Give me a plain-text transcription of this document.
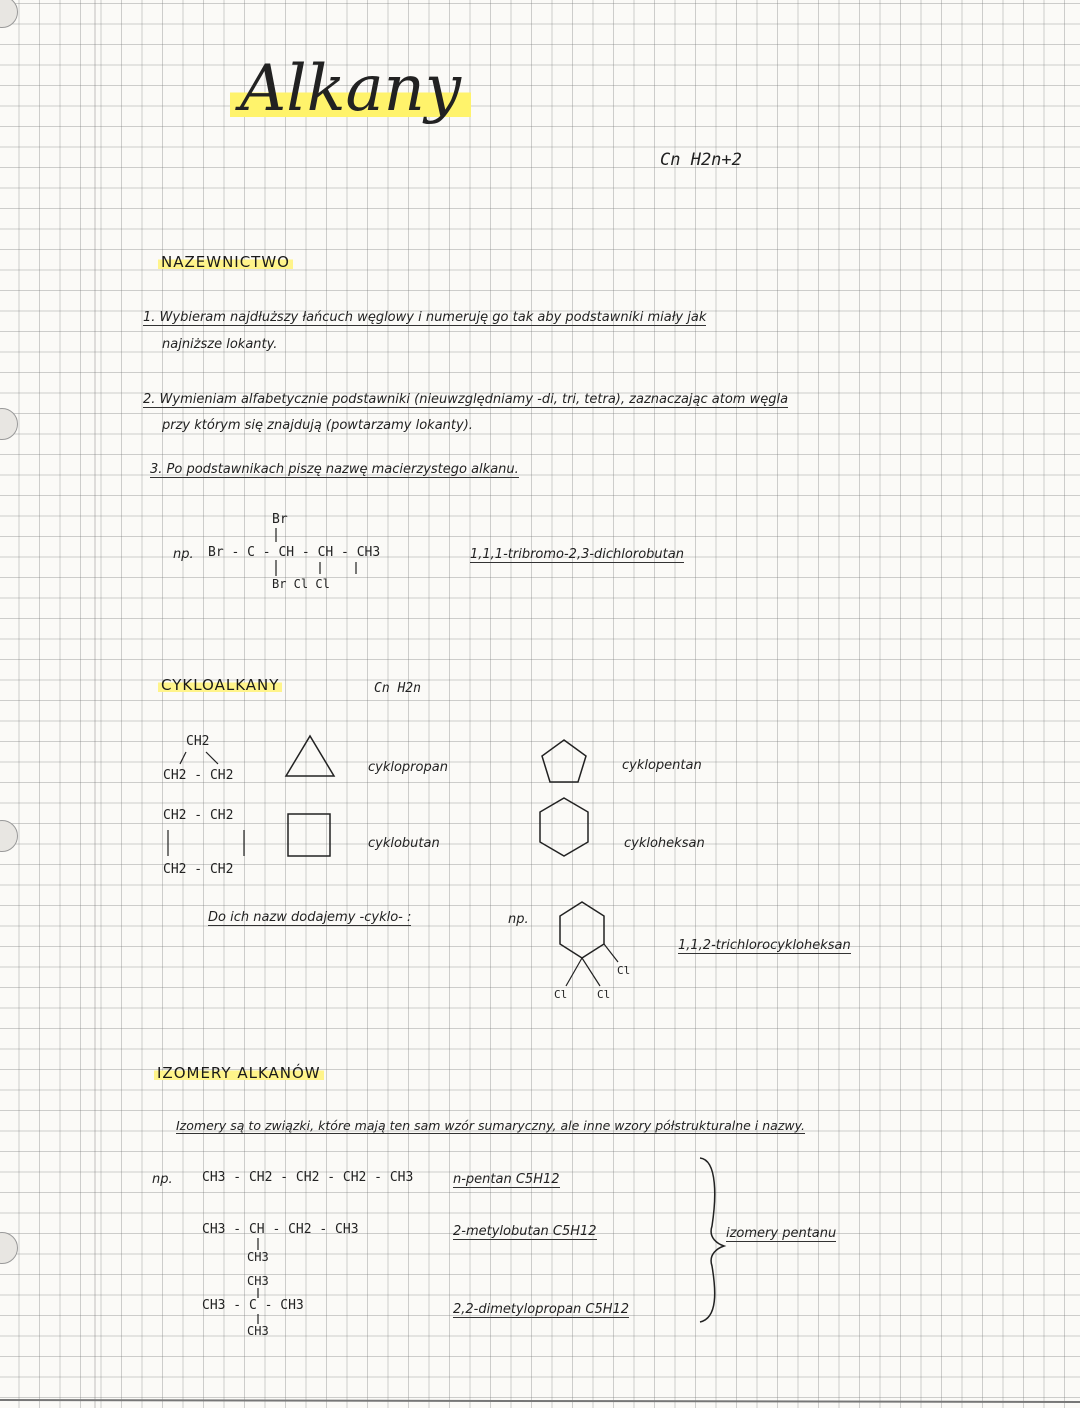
Alkany
Cn H2n+2
NAZEWNICTWO
1. Wybieram najdłuższy łańcuch węglowy i numeruję go tak aby podstawniki miały jak
najniższe lokanty.
2. Wymieniam alfabetycznie podstawniki (nieuwzględniamy -di, tri, tetra), zaznaczając atom węgla
przy którym się znajdują (powtarzamy lokanty).
3. Po podstawnikach piszę nazwę macierzystego alkanu.
np.
Br
Br - C - CH - CH - CH3
Br Cl Cl
1,1,1-tribromo-2,3-dichlorobutan
CYKLOALKANY	Cn H2n
CH2
CH2 - CH2
CH2 - CH2
CH2 - CH2
cyklopropan
cyklobutan
cyklopentan
cykloheksan
Do ich nazw dodajemy -cyklo- :	np.
Cl	Cl
Cl
1,1,2-trichlorocykloheksan
IZOMERY ALKANÓW
Izomery są to związki, które mają ten sam wzór sumaryczny, ale inne wzory półstrukturalne i nazwy.
np. CH3 - CH2 - CH2 - CH2 - CH3	n-pentan C5H12
CH3 - CH - CH2 - CH3
CH3
2-metylobutan C5H12
CH3
CH3 - C - CH3
CH3
2,2-dimetylopropan C5H12
izomery pentanu
